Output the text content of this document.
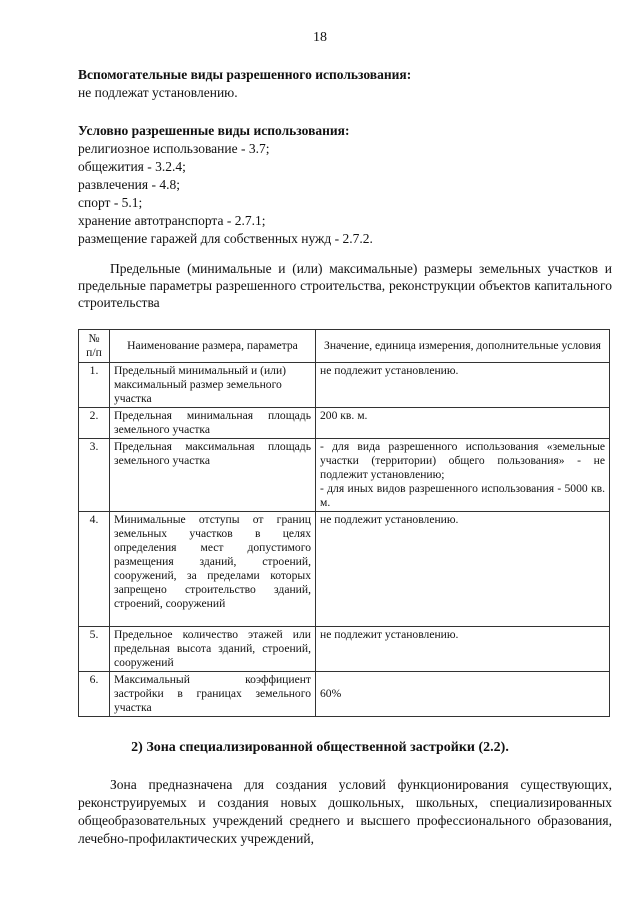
18
Вспомогательные виды разрешенного использования:
не подлежат установлению.
Условно разрешенные виды использования:
религиозное использование - 3.7;
общежития - 3.2.4;
развлечения - 4.8;
спорт - 5.1;
хранение автотранспорта - 2.7.1;
размещение гаражей для собственных нужд - 2.7.2.
Предельные (минимальные и (или) максимальные) размеры земельных участков и предельные параметры разрешенного строительства, реконструкции объектов капитального строительства
№ п/п	Наименование размера, параметра	Значение, единица измерения, дополнительные условия
1.	Предельный минимальный и (или) максимальный размер земельного участка	не подлежит установлению.
2.	Предельная минимальная площадь земельного участка	200 кв. м.
3.	Предельная максимальная площадь земельного участка	- для вида разрешенного использования «земельные участки (территории) общего пользования» - не подлежит установлению;
- для иных видов разрешенного использования - 5000 кв. м.

4.	Минимальные отступы от границ земельных участков в целях определения мест допустимого размещения зданий, строений, сооружений, за пределами которых запрещено строительство зданий, строений, сооружений	не подлежит установлению.
5.	Предельное количество этажей или предельная высота зданий, строений, сооружений	не подлежит установлению.
6.	Максимальный коэффициент застройки в границах земельного участка	60%
2) Зона специализированной общественной застройки (2.2).
Зона предназначена для создания условий функционирования существующих, реконструируемых и создания новых дошкольных, школьных, специализированных общеобразовательных учреждений среднего и высшего профессионального образования, лечебно-профилактических учреждений,
